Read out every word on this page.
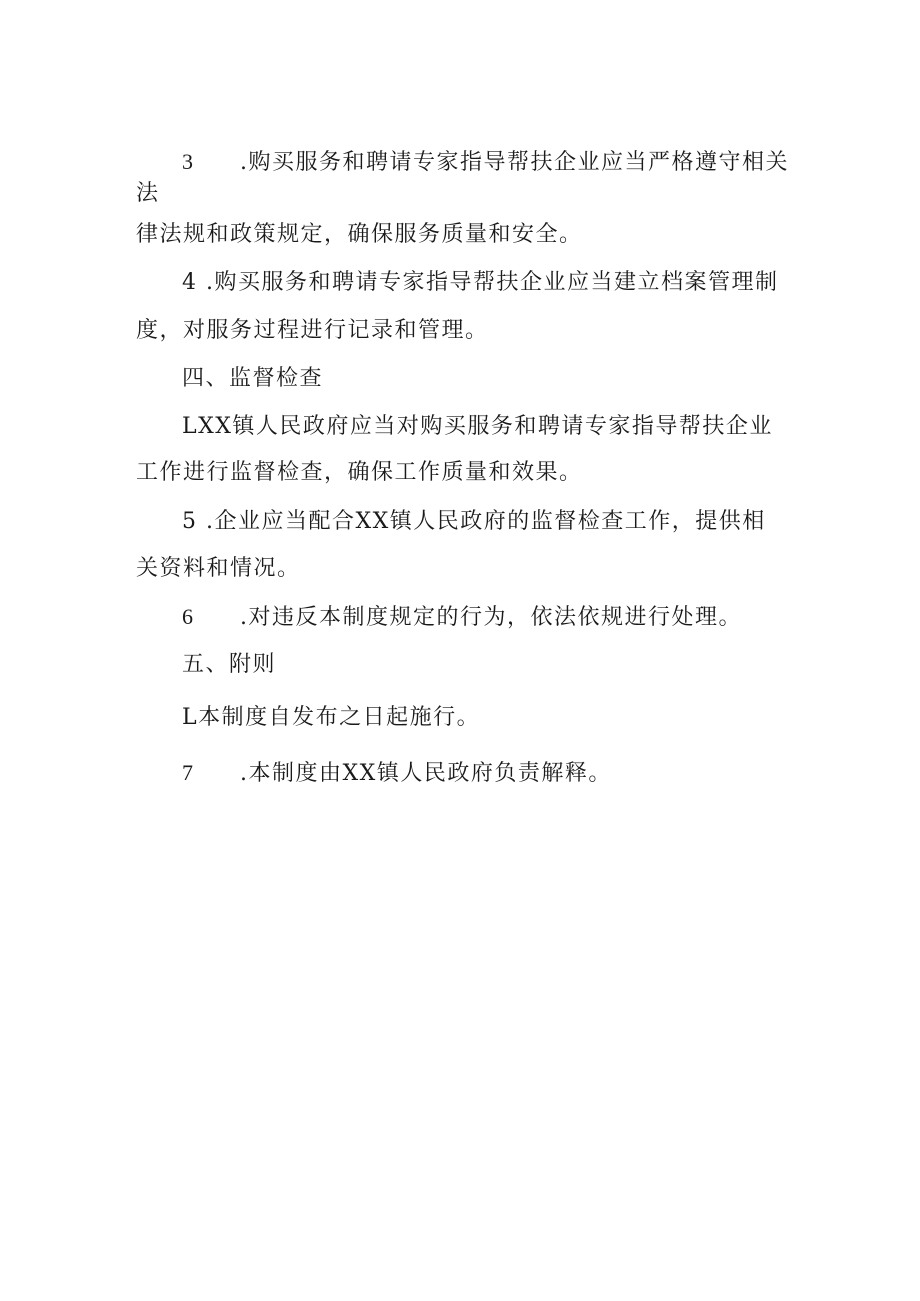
3 .购买服务和聘请专家指导帮扶企业应当严格遵守相关
法
律法规和政策规定，确保服务质量和安全。
4 .购买服务和聘请专家指导帮扶企业应当建立档案管理制
度，对服务过程进行记录和管理。
四、监督检查
LXX镇人民政府应当对购买服务和聘请专家指导帮扶企业
工作进行监督检查，确保工作质量和效果。
5 .企业应当配合XX镇人民政府的监督检查工作，提供相
关资料和情况。
6 .对违反本制度规定的行为，依法依规进行处理。
五、附则
L本制度自发布之日起施行。
7 .本制度由XX镇人民政府负责解释。
